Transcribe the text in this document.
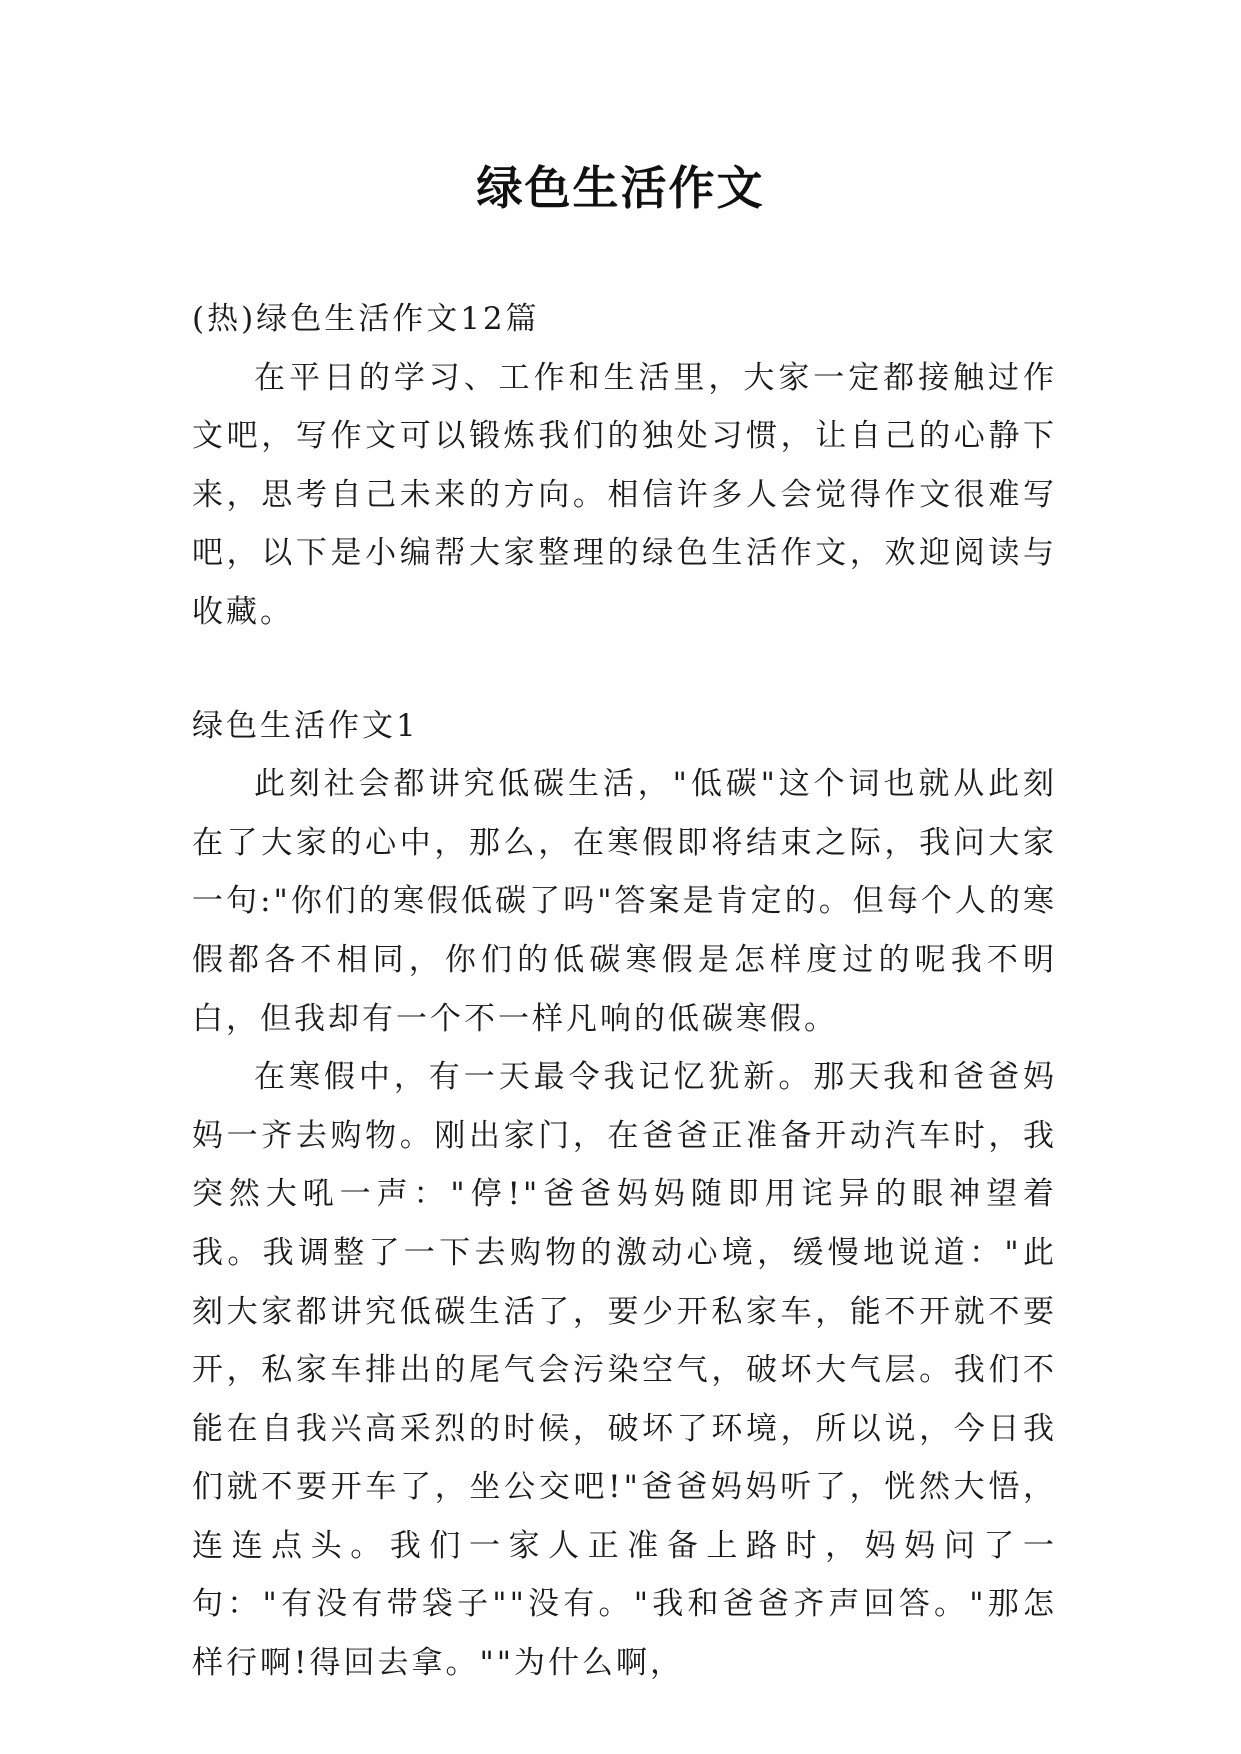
绿色生活作文

(热)绿色生活作文12篇

在平日的学习、工作和生活里，大家一定都接触过作文吧，写作文可以锻炼我们的独处习惯，让自己的心静下来，思考自己未来的方向。相信许多人会觉得作文很难写吧，以下是小编帮大家整理的绿色生活作文，欢迎阅读与收藏。

绿色生活作文1

此刻社会都讲究低碳生活，"低碳"这个词也就从此刻在了大家的心中，那么，在寒假即将结束之际，我问大家一句:"你们的寒假低碳了吗"答案是肯定的。但每个人的寒假都各不相同，你们的低碳寒假是怎样度过的呢我不明白，但我却有一个不一样凡响的低碳寒假。

在寒假中，有一天最令我记忆犹新。那天我和爸爸妈妈一齐去购物。刚出家门，在爸爸正准备开动汽车时，我突然大吼一声："停!"爸爸妈妈随即用诧异的眼神望着我。我调整了一下去购物的激动心境，缓慢地说道："此刻大家都讲究低碳生活了，要少开私家车，能不开就不要开，私家车排出的尾气会污染空气，破坏大气层。我们不能在自我兴高采烈的时候，破坏了环境，所以说，今日我们就不要开车了，坐公交吧!"爸爸妈妈听了，恍然大悟，连连点头。我们一家人正准备上路时，妈妈问了一句："有没有带袋子""没有。"我和爸爸齐声回答。"那怎样行啊!得回去拿。""为什么啊，
